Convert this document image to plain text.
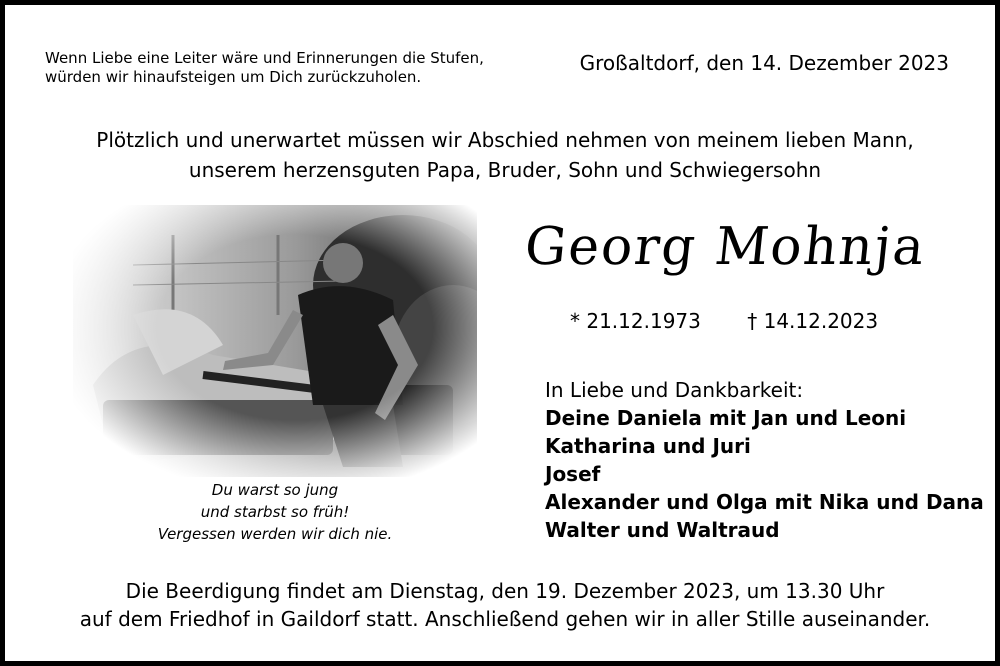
Wenn Liebe eine Leiter wäre und Erinnerungen die Stufen,
würden wir hinaufsteigen um Dich zurückzuholen.
Großaltdorf, den 14. Dezember 2023
Plötzlich und unerwartet müssen wir Abschied nehmen von meinem lieben Mann,
unserem herzensguten Papa, Bruder, Sohn und Schwiegersohn
Du warst so jung
und starbst so früh!
Vergessen werden wir dich nie.
Georg Mohnja
* 21.12.1973 † 14.12.2023
In Liebe und Dankbarkeit:
Deine Daniela mit Jan und Leoni
Katharina und Juri
Josef
Alexander und Olga mit Nika und Dana
Walter und Waltraud
Die Beerdigung findet am Dienstag, den 19. Dezember 2023, um 13.30 Uhr
auf dem Friedhof in Gaildorf statt. Anschließend gehen wir in aller Stille auseinander.
